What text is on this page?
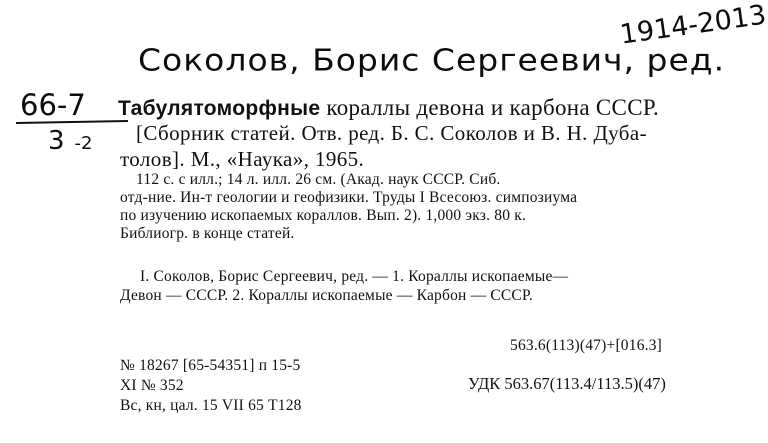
Соколов, Борис Сергеевич, ред.
1914-2013
66-7
3 -2
Табулятоморфные кораллы девона и карбона СССР.
[Сборник статей. Отв. ред. Б. С. Соколов и В. Н. Дуба-
толов]. М., «Наука», 1965.
112 с. с илл.; 14 л. илл. 26 см. (Акад. наук СССР. Сиб.
отд-ние. Ин-т геологии и геофизики. Труды I Всесоюз. симпозиума
по изучению ископаемых кораллов. Вып. 2). 1,000 экз. 80 к.
Библиогр. в конце статей.
I. Соколов, Борис Сергеевич, ред. — 1. Кораллы ископаемые—
Девон — СССР. 2. Кораллы ископаемые — Карбон — СССР.
563.6(113)(47)+[016.3]
№ 18267 [65-54351] п 15-5
XI № 352
Вс, кн, цал. 15 VII 65 Т128
УДК 563.67(113.4/113.5)(47)
